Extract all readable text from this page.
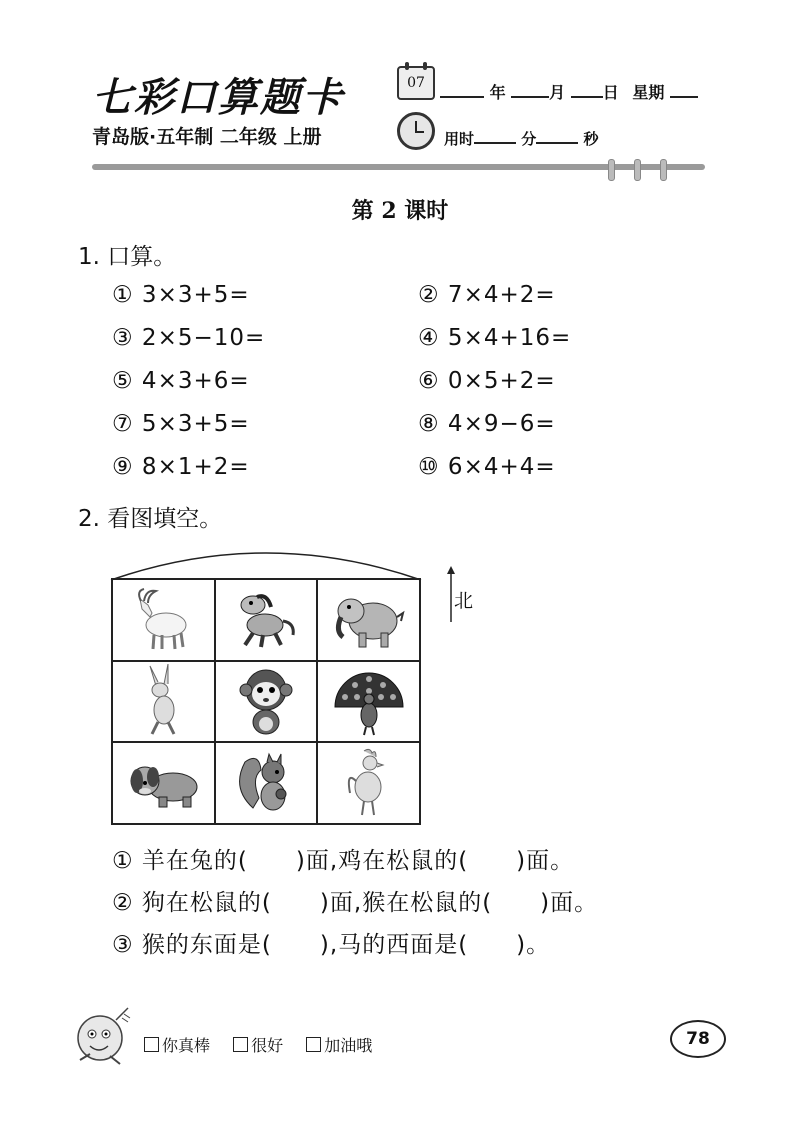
七彩口算题卡
青岛版·五年制 二年级 上册
07	年	月 日 星期
用时	分	秒
第 2 课时
1. 口算。
① 3×3+5=	② 7×4+2=
③ 2×5−10=	④ 5×4+16=
⑤ 4×3+6=	⑥ 0×5+2=
⑦ 5×3+5=	⑧ 4×9−6=
⑨ 8×1+2=	⑩ 6×4+4=
2. 看图填空。
北
① 羊在兔的(　　)面,鸡在松鼠的(　　)面。
② 狗在松鼠的(　　)面,猴在松鼠的(　　)面。
③ 猴的东面是(　　),马的西面是(　　)。
你真棒	很好	加油哦	78
